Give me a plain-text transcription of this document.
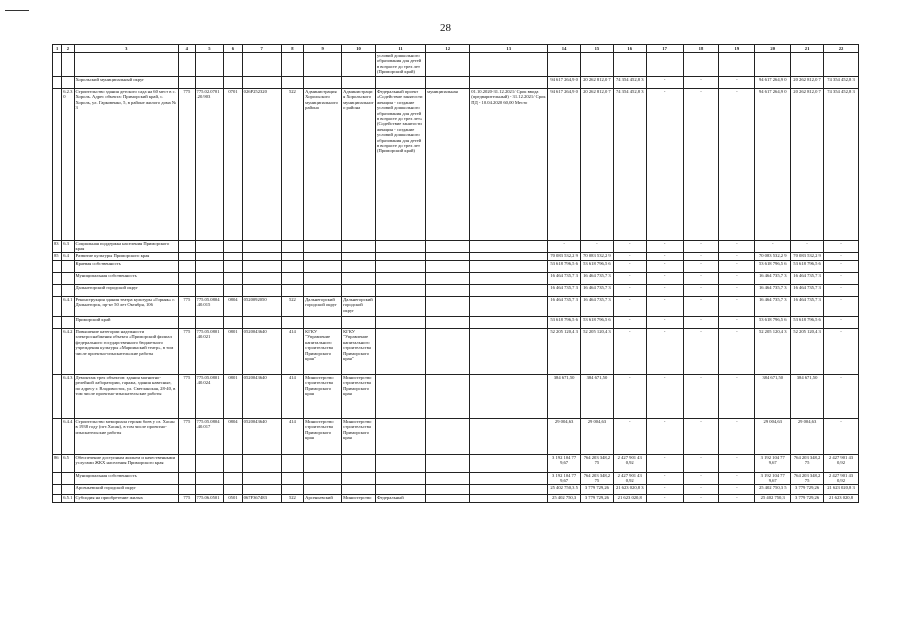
28
1	2	3	4	5	6	7	8	9	10	11	12	13	14	15	16	17	18	19	20	21	22
										условий дошкольного образования для детей в возрасте до трех лет (Приморский край)											
		Хорольский муниципальный округ											94 617 264,9 0	20 262 812,0 7	74 354 452,8 3	-	-	-	94 617 264,9 0	20 262 812,0 7	74 354 452,8 3
	6.2.30	Строительство здания детского сада на 60 мест в с. Хороль. Адрес объекта: Приморский край, с. Хороль, ул. Гарковенко, 5, в районе жилого дома № 3	775	775.02.0701 .20.903	0701	026Р252320	522	Администрация Хорольского муниципального района	Администрация Хорольского муниципального района	Федеральный проект «Содействие занятости женщин - создание условий дошкольного образования для детей в возрасте до трех лет» (Содействие занятости женщин - создание условий дошкольного образования для детей в возрасте до трех лет (Приморский край)	муниципальная	01.10.2020-31.12.2021/ Срок ввода (предварительный) - 31.12.2021/ Срок ПД - 10.04.2020 60,00 Место	94 617 264,9 0	20 262 812,0 7	74 354 452,8 3	-	-	-	94 617 264,9 0	20 262 812,0 7	74 354 452,8 3
83	6.3	Социальная поддержка населения Приморского края											-	-	-	-	-	-	-	-	-
85	6.4	Развитие культуры Приморского края											70 083 532,2 9	70 083 532,2 9	-	-	-	-	70 083 532,2 9	70 083 532,2 9	-
		Краевая собственность											53 618 796,5 6	53 618 796,5 6	-	-	-	-	53 618 796,5 6	53 618 796,5 6	-
		Муниципальная собственность											16 464 735,7 3	16 464 735,7 3	-	-	-	-	16 464 735,7 3	16 464 735,7 3	-
		Дальнегорский городской округ											16 464 735,7 3	16 464 735,7 3	-	-	-	-	16 464 735,7 3	16 464 735,7 3	-
	6.4.1	Реконструкция здания театра культуры «Горняк» г. Дальнегорск, пр-кт 50 лет Октября, 106	775	775.05.0804 .40.015	0804	0520092050	522	Дальнегорский городской округ	Дальнегорский городской округ				16 464 735,7 3	16 464 735,7 3	-	-	-	-	16 464 735,7 3	16 464 735,7 3	-
		Приморский край											53 618 796,5 6	53 618 796,5 6	-	-	-	-	53 618 796,5 6	53 618 796,5 6	-
	6.4.2	Повышение категории надежности электроснабжения объекта «Приморский филиал федерального государственного бюджетного учреждения культуры «Мариинский театр», в том числе проектно-изыскательские работы	775	775.05.0801 .40.021	0801	0520043640	414	КГКУ "Управление капитального строительства Приморского края"	КГКУ "Управление капитального строительства Приморского края"				52 205 120,4 3	52 205 120,4 3	-	-	-	-	52 205 120,4 3	52 205 120,4 3	-
	6.4.3	Демонтаж трех объектов: здания магнитно-релейной лаборатории, гаража, здания навесные, по адресу г. Владивосток, ул. Светланская, 28-40, в том числе проектно-изыскательские работы	775	775.05.0801 .40.024	0801	0520043640	414	Министерство строительства Приморского края	Министерство строительства Приморского края				384 671,50	384 671,50	-	-	-	-	384 671,50	384 671,50	-
	6.4.4	Строительство мемориала героям боев у оз. Хасан в 1938 году (пгт.Хасан), в том числе проектно-изыскательские работы	775	775.05.0804 .40.017	0804	0520043640	414	Министерство строительства Приморского края	Министерство строительства Приморского края				29 004,63	29 004,63	-	-	-	-	29 004,63	29 004,63	-
86	6.5	Обеспечение доступным жильем и качественными услугами ЖКХ населения Приморского края											3 192 104 77 9,67	764 203 348,2 75	2 427 901 43 0,92	-	-	-	3 192 104 77 9,67	764 203 348,2 75	2 427 901 43 0,92
		Муниципальная собственность											3 192 104 77 9,67	764 203 348,2 75	2 427 901 43 0,92	-	-	-	3 192 104 77 9,67	764 203 348,2 75	2 427 901 43 0,92
		Арсеньевский городской округ											25 402 750,3 5	3 779 729,26	21 623 020,8 3	-	-	-	25 402 750,3 5	3 779 729,26	21 623 020,8 3
	6.5.1	Субсидия на приобретение жилых	775	775.06.0501	0501	067F367483	522	Арсеньевский	Министерство	Федеральный			25 402 750,3	3 779 729,26	21 623 020,8	-	-	-	25 402 750,3	3 779 729,26	21 623 020,8
